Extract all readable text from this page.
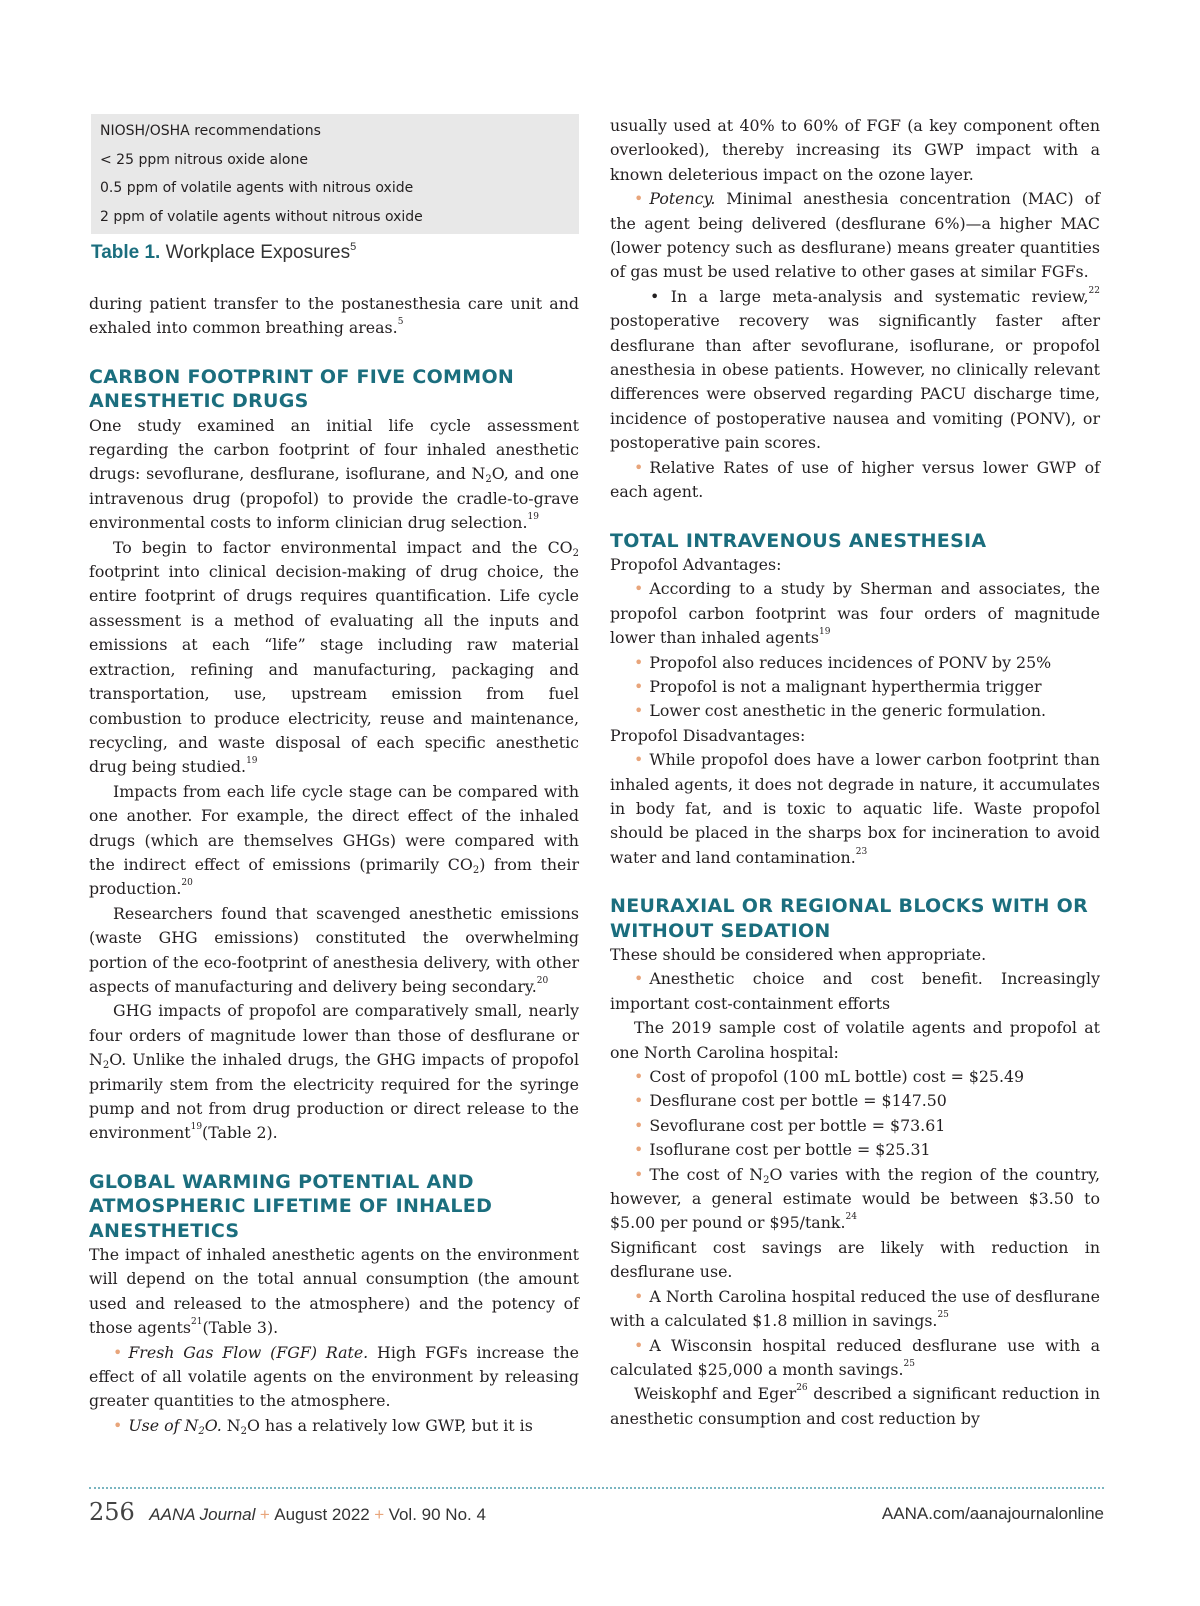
NIOSH/OSHA recommendations
< 25 ppm nitrous oxide alone
0.5 ppm of volatile agents with nitrous oxide
2 ppm of volatile agents without nitrous oxide
Table 1. Workplace Exposures$^5$

during patient transfer to the postanesthesia care unit and exhaled into common breathing areas.$^5$

CARBON FOOTPRINT OF FIVE COMMON ANESTHETIC DRUGS

One study examined an initial life cycle assessment regarding the carbon footprint of four inhaled anesthetic drugs: sevoflurane, desflurane, isoflurane, and $N_2O$, and one intravenous drug (propofol) to provide the cradle-to-grave environmental costs to inform clinician drug selection.$^{19}$

To begin to factor environmental impact and the $CO_2$ footprint into clinical decision-making of drug choice, the entire footprint of drugs requires quantification. Life cycle assessment is a method of evaluating all the inputs and emissions at each “life” stage including raw material extraction, refining and manufacturing, packaging and transportation, use, upstream emission from fuel combustion to produce electricity, reuse and maintenance, recycling, and waste disposal of each specific anesthetic drug being studied.$^{19}$

Impacts from each life cycle stage can be compared with one another. For example, the direct effect of the inhaled drugs (which are themselves GHGs) were compared with the indirect effect of emissions (primarily $CO_2$) from their production.$^{20}$

Researchers found that scavenged anesthetic emissions (waste GHG emissions) constituted the overwhelming portion of the eco-footprint of anesthesia delivery, with other aspects of manufacturing and delivery being secondary.$^{20}$

GHG impacts of propofol are comparatively small, nearly four orders of magnitude lower than those of desflurane or $N_2O$. Unlike the inhaled drugs, the GHG impacts of propofol primarily stem from the electricity required for the syringe pump and not from drug production or direct release to the environment$^{19}$(Table 2).

GLOBAL WARMING POTENTIAL AND ATMOSPHERIC LIFETIME OF INHALED ANESTHETICS

The impact of inhaled anesthetic agents on the environment will depend on the total annual consumption (the amount used and released to the atmosphere) and the potency of those agents$^{21}$(Table 3).

• Fresh Gas Flow (FGF) Rate. High FGFs increase the effect of all volatile agents on the environment by releasing greater quantities to the atmosphere.

• Use of $N_2O$. $N_2O$ has a relatively low GWP, but it is

usually used at 40% to 60% of FGF (a key component often overlooked), thereby increasing its GWP impact with a known deleterious impact on the ozone layer.

• Potency. Minimal anesthesia concentration (MAC) of the agent being delivered (desflurane 6%)—a higher MAC (lower potency such as desflurane) means greater quantities of gas must be used relative to other gases at similar FGFs.

• In a large meta-analysis and systematic review,$^{22}$ postoperative recovery was significantly faster after desflurane than after sevoflurane, isoflurane, or propofol anesthesia in obese patients. However, no clinically relevant differences were observed regarding PACU discharge time, incidence of postoperative nausea and vomiting (PONV), or postoperative pain scores.

• Relative Rates of use of higher versus lower GWP of each agent.

TOTAL INTRAVENOUS ANESTHESIA

Propofol Advantages:

• According to a study by Sherman and associates, the propofol carbon footprint was four orders of magnitude lower than inhaled agents$^{19}$

• Propofol also reduces incidences of PONV by 25%

• Propofol is not a malignant hyperthermia trigger

• Lower cost anesthetic in the generic formulation.

Propofol Disadvantages:

• While propofol does have a lower carbon footprint than inhaled agents, it does not degrade in nature, it accumulates in body fat, and is toxic to aquatic life. Waste propofol should be placed in the sharps box for incineration to avoid water and land contamination.$^{23}$

NEURAXIAL OR REGIONAL BLOCKS WITH OR WITHOUT SEDATION

These should be considered when appropriate.

• Anesthetic choice and cost benefit. Increasingly important cost-containment efforts

The 2019 sample cost of volatile agents and propofol at one North Carolina hospital:

• Cost of propofol (100 mL bottle) cost = $25.49

• Desflurane cost per bottle = $147.50

• Sevoflurane cost per bottle = $73.61

• Isoflurane cost per bottle = $25.31

• The cost of $N_2O$ varies with the region of the country, however, a general estimate would be between $3.50 to $5.00 per pound or $95/tank.$^{24}$

Significant cost savings are likely with reduction in desflurane use.

• A North Carolina hospital reduced the use of desflurane with a calculated $1.8 million in savings.$^{25}$

• A Wisconsin hospital reduced desflurane use with a calculated $25,000 a month savings.$^{25}$

Weiskophf and Eger$^{26}$ described a significant reduction in anesthetic consumption and cost reduction by

256 AANA Journal + August 2022 + Vol. 90 No. 4	AANA.com/aanajournalonline
